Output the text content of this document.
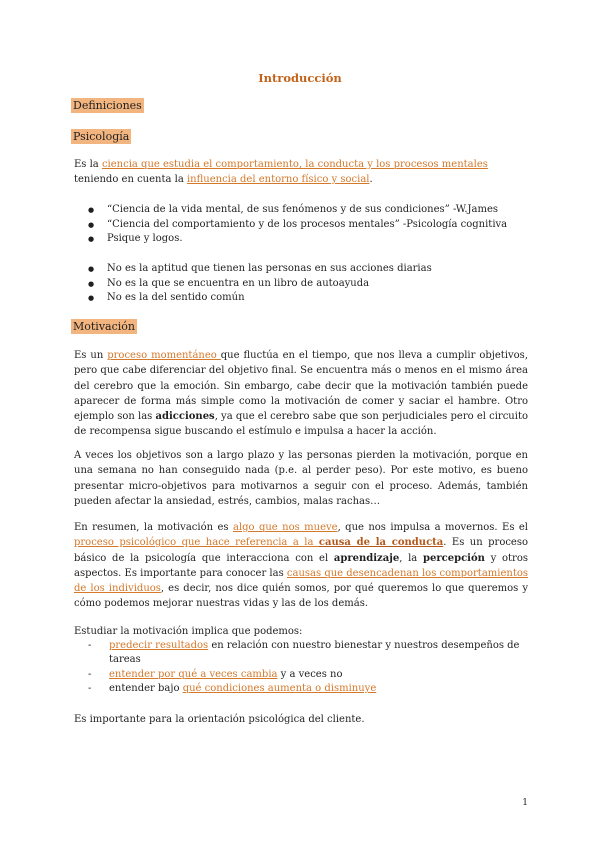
Introducción
Definiciones
Psicología
Es la ciencia que estudia el comportamiento, la conducta y los procesos mentales teniendo en cuenta la influencia del entorno físico y social.
● “Ciencia de la vida mental, de sus fenómenos y de sus condiciones” -W.James
● “Ciencia del comportamiento y de los procesos mentales” -Psicología cognitiva
● Psique y logos.
● No es la aptitud que tienen las personas en sus acciones diarias
● No es la que se encuentra en un libro de autoayuda
● No es la del sentido común
Motivación
Es un proceso momentáneo que fluctúa en el tiempo, que nos lleva a cumplir objetivos, pero que cabe diferenciar del objetivo final. Se encuentra más o menos en el mismo área del cerebro que la emoción. Sin embargo, cabe decir que la motivación también puede aparecer de forma más simple como la motivación de comer y saciar el hambre. Otro ejemplo son las adicciones, ya que el cerebro sabe que son perjudiciales pero el circuito de recompensa sigue buscando el estímulo e impulsa a hacer la acción.
A veces los objetivos son a largo plazo y las personas pierden la motivación, porque en una semana no han conseguido nada (p.e. al perder peso). Por este motivo, es bueno presentar micro-objetivos para motivarnos a seguir con el proceso. Además, también pueden afectar la ansiedad, estrés, cambios, malas rachas…
En resumen, la motivación es algo que nos mueve, que nos impulsa a movernos. Es el proceso psicológico que hace referencia a la causa de la conducta. Es un proceso básico de la psicología que interacciona con el aprendizaje, la percepción y otros aspectos. Es importante para conocer las causas que desencadenan los comportamientos de los individuos, es decir, nos dice quién somos, por qué queremos lo que queremos y cómo podemos mejorar nuestras vidas y las de los demás.
Estudiar la motivación implica que podemos:
- predecir resultados en relación con nuestro bienestar y nuestros desempeños de tareas
- entender por qué a veces cambia y a veces no
- entender bajo qué condiciones aumenta o disminuye
Es importante para la orientación psicológica del cliente.
1
